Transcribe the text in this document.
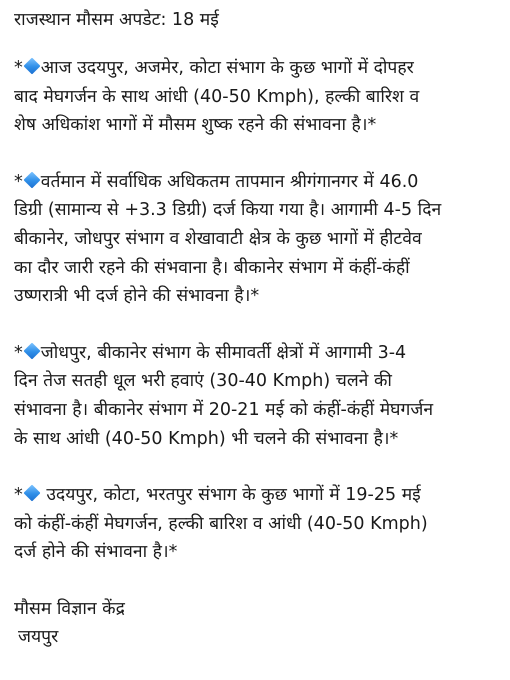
राजस्थान मौसम अपडेट: 18 मई
* आज उदयपुर, अजमेर, कोटा संभाग के कुछ भागों में दोपहर
बाद मेघगर्जन के साथ आंधी (40-50 Kmph), हल्की बारिश व
शेष अधिकांश भागों में मौसम शुष्क रहने की संभावना है।*
* वर्तमान में सर्वाधिक अधिकतम तापमान श्रीगंगानगर में 46.0
डिग्री (सामान्य से +3.3 डिग्री) दर्ज किया गया है। आगामी 4-5 दिन
बीकानेर, जोधपुर संभाग व शेखावाटी क्षेत्र के कुछ भागों में हीटवेव
का दौर जारी रहने की संभवाना है। बीकानेर संभाग में कंहीं-कंहीं
उष्णरात्री भी दर्ज होने की संभावना है।*
* जोधपुर, बीकानेर संभाग के सीमावर्ती क्षेत्रों में आगामी 3-4
दिन तेज सतही धूल भरी हवाएं (30-40 Kmph) चलने की
संभावना है। बीकानेर संभाग में 20-21 मई को कंहीं-कंहीं मेघगर्जन
के साथ आंधी (40-50 Kmph) भी चलने की संभावना है।*
* उदयपुर, कोटा, भरतपुर संभाग के कुछ भागों में 19-25 मई
को कंहीं-कंहीं मेघगर्जन, हल्की बारिश व आंधी (40-50 Kmph)
दर्ज होने की संभावना है।*
मौसम विज्ञान केंद्र
जयपुर
